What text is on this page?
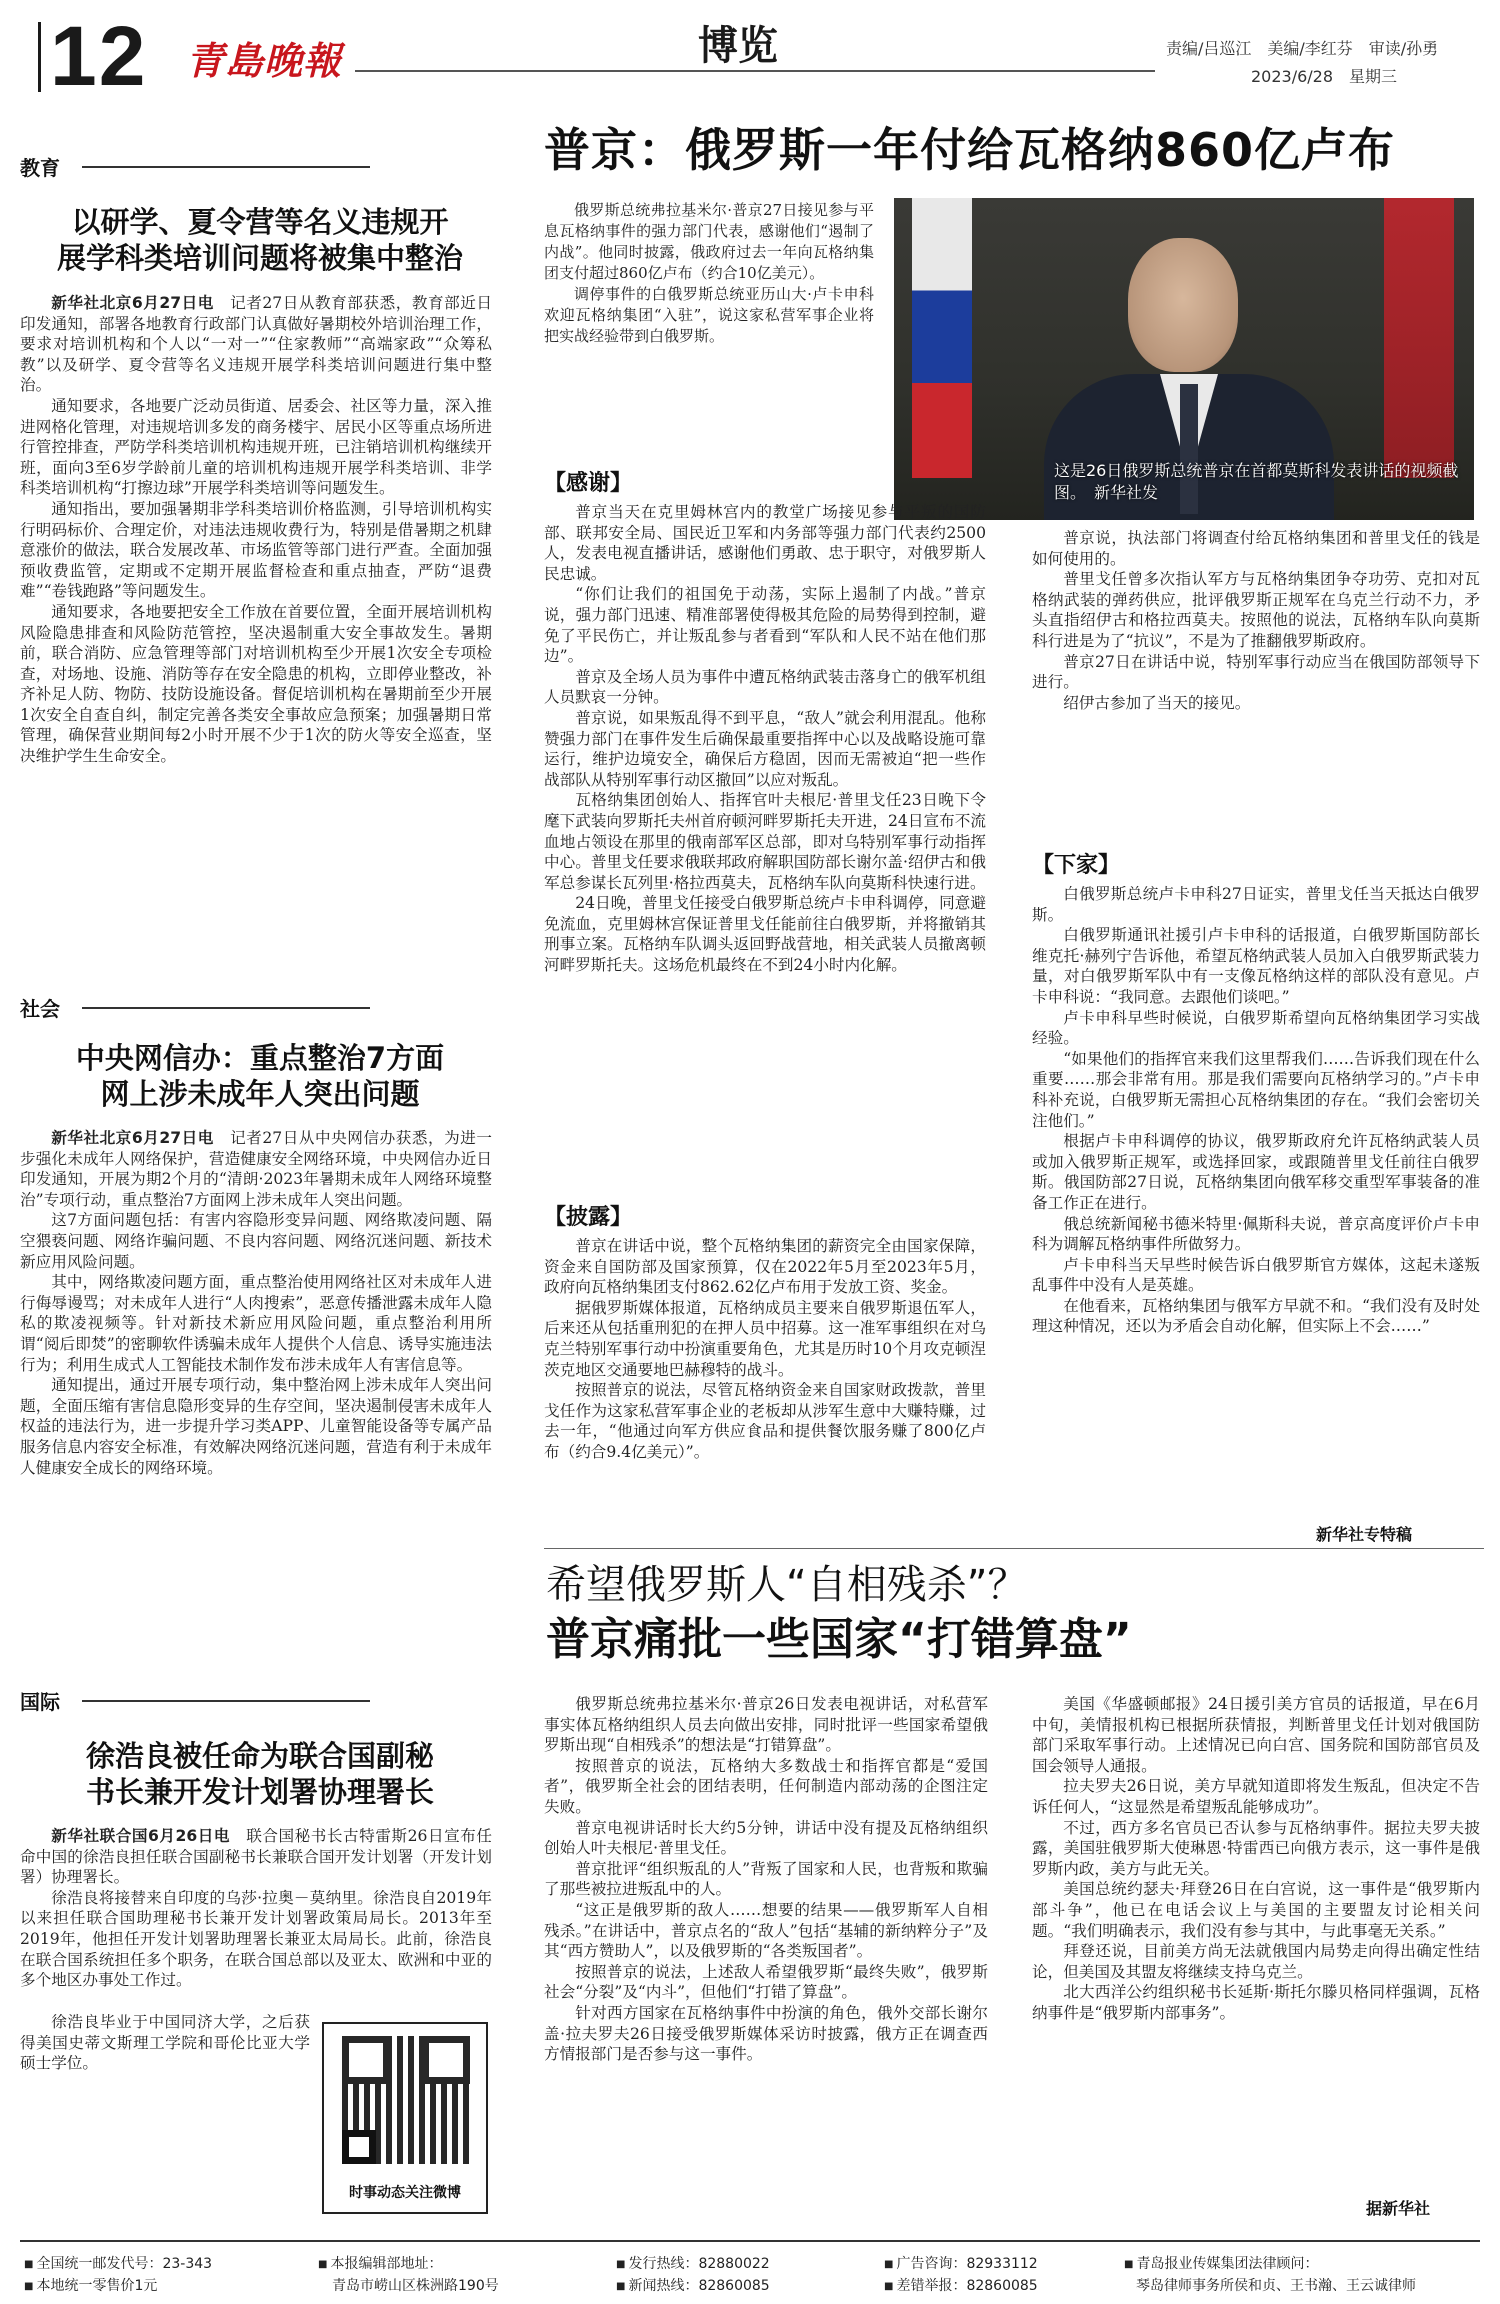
12 青島晚報	博览	责编/吕巡江　美编/李红芬　审读/孙勇
2023/6/28　星期三
教育
以研学、夏令营等名义违规开
展学科类培训问题将被集中整治

新华社北京6月27日电　 记者27日从教育部获悉，教育部近日印发通知，部署各地教育行政部门认真做好暑期校外培训治理工作，要求对培训机构和个人以“一对一”“住家教师”“高端家政”“众筹私教”以及研学、夏令营等名义违规开展学科类培训问题进行集中整治。

通知要求，各地要广泛动员街道、居委会、社区等力量，深入推进网格化管理，对违规培训多发的商务楼宇、居民小区等重点场所进行管控排查，严防学科类培训机构违规开班，已注销培训机构继续开班，面向3至6岁学龄前儿童的培训机构违规开展学科类培训、非学科类培训机构“打擦边球”开展学科类培训等问题发生。

通知指出，要加强暑期非学科类培训价格监测，引导培训机构实行明码标价、合理定价，对违法违规收费行为，特别是借暑期之机肆意涨价的做法，联合发展改革、市场监管等部门进行严查。全面加强预收费监管，定期或不定期开展监督检查和重点抽查，严防“退费难”“卷钱跑路”等问题发生。

通知要求，各地要把安全工作放在首要位置，全面开展培训机构风险隐患排查和风险防范管控，坚决遏制重大安全事故发生。暑期前，联合消防、应急管理等部门对培训机构至少开展1次安全专项检查，对场地、设施、消防等存在安全隐患的机构，立即停业整改，补齐补足人防、物防、技防设施设备。督促培训机构在暑期前至少开展1次安全自查自纠，制定完善各类安全事故应急预案；加强暑期日常管理，确保营业期间每2小时开展不少于1次的防火等安全巡查，坚决维护学生生命安全。

社会
中央网信办：重点整治7方面
网上涉未成年人突出问题

新华社北京6月27日电　 记者27日从中央网信办获悉，为进一步强化未成年人网络保护，营造健康安全网络环境，中央网信办近日印发通知，开展为期2个月的“清朗·2023年暑期未成年人网络环境整治”专项行动，重点整治7方面网上涉未成年人突出问题。

这7方面问题包括：有害内容隐形变异问题、网络欺凌问题、隔空猥亵问题、网络诈骗问题、不良内容问题、网络沉迷问题、新技术新应用风险问题。

其中，网络欺凌问题方面，重点整治使用网络社区对未成年人进行侮辱谩骂；对未成年人进行“人肉搜索”，恶意传播泄露未成年人隐私的欺凌视频等。针对新技术新应用风险问题，重点整治利用所谓“阅后即焚”的密聊软件诱骗未成年人提供个人信息、诱导实施违法行为；利用生成式人工智能技术制作发布涉未成年人有害信息等。

通知提出，通过开展专项行动，集中整治网上涉未成年人突出问题，全面压缩有害信息隐形变异的生存空间，坚决遏制侵害未成年人权益的违法行为，进一步提升学习类APP、儿童智能设备等专属产品服务信息内容安全标准，有效解决网络沉迷问题，营造有利于未成年人健康安全成长的网络环境。

国际
徐浩良被任命为联合国副秘
书长兼开发计划署协理署长

新华社联合国6月26日电　 联合国秘书长古特雷斯26日宣布任命中国的徐浩良担任联合国副秘书长兼联合国开发计划署（开发计划署）协理署长。

徐浩良将接替来自印度的乌莎·拉奥－莫纳里。徐浩良自2019年以来担任联合国助理秘书长兼开发计划署政策局局长。2013年至2019年，他担任开发计划署助理署长兼亚太局局长。此前，徐浩良在联合国系统担任多个职务，在联合国总部以及亚太、欧洲和中亚的多个地区办事处工作过。

徐浩良毕业于中国同济大学，之后获得美国史蒂文斯理工学院和哥伦比亚大学硕士学位。

时事动态关注微博
普京：俄罗斯一年付给瓦格纳860亿卢布

俄罗斯总统弗拉基米尔·普京27日接见参与平息瓦格纳事件的强力部门代表，感谢他们“遏制了内战”。他同时披露，俄政府过去一年向瓦格纳集团支付超过860亿卢布（约合10亿美元）。

调停事件的白俄罗斯总统亚历山大·卢卡申科欢迎瓦格纳集团“入驻”，说这家私营军事企业将把实战经验带到白俄罗斯。

这是26日俄罗斯总统普京在首都莫斯科发表讲话的视频截图。　新华社发
【感谢】

普京当天在克里姆林宫内的教堂广场接见参与平叛的国防部、联邦安全局、国民近卫军和内务部等强力部门代表约2500人，发表电视直播讲话，感谢他们勇敢、忠于职守，对俄罗斯人民忠诚。

“你们让我们的祖国免于动荡，实际上遏制了内战。”普京说，强力部门迅速、精准部署使得极其危险的局势得到控制，避免了平民伤亡，并让叛乱参与者看到“军队和人民不站在他们那边”。

普京及全场人员为事件中遭瓦格纳武装击落身亡的俄军机组人员默哀一分钟。

普京说，如果叛乱得不到平息，“敌人”就会利用混乱。他称赞强力部门在事件发生后确保最重要指挥中心以及战略设施可靠运行，维护边境安全，确保后方稳固，因而无需被迫“把一些作战部队从特别军事行动区撤回”以应对叛乱。

瓦格纳集团创始人、指挥官叶夫根尼·普里戈任23日晚下令麾下武装向罗斯托夫州首府顿河畔罗斯托夫开进，24日宣布不流血地占领设在那里的俄南部军区总部，即对乌特别军事行动指挥中心。普里戈任要求俄联邦政府解职国防部长谢尔盖·绍伊古和俄军总参谋长瓦列里·格拉西莫夫，瓦格纳车队向莫斯科快速行进。

24日晚，普里戈任接受白俄罗斯总统卢卡申科调停，同意避免流血，克里姆林宫保证普里戈任能前往白俄罗斯，并将撤销其刑事立案。瓦格纳车队调头返回野战营地，相关武装人员撤离顿河畔罗斯托夫。这场危机最终在不到24小时内化解。

【披露】

普京在讲话中说，整个瓦格纳集团的薪资完全由国家保障，资金来自国防部及国家预算，仅在2022年5月至2023年5月，政府向瓦格纳集团支付862.62亿卢布用于发放工资、奖金。

据俄罗斯媒体报道，瓦格纳成员主要来自俄罗斯退伍军人，后来还从包括重刑犯的在押人员中招募。这一准军事组织在对乌克兰特别军事行动中扮演重要角色，尤其是历时10个月攻克顿涅茨克地区交通要地巴赫穆特的战斗。

按照普京的说法，尽管瓦格纳资金来自国家财政拨款，普里戈任作为这家私营军事企业的老板却从涉军生意中大赚特赚，过去一年，“他通过向军方供应食品和提供餐饮服务赚了800亿卢布（约合9.4亿美元）”。

普京说，执法部门将调查付给瓦格纳集团和普里戈任的钱是如何使用的。

普里戈任曾多次指认军方与瓦格纳集团争夺功劳、克扣对瓦格纳武装的弹药供应，批评俄罗斯正规军在乌克兰行动不力，矛头直指绍伊古和格拉西莫夫。按照他的说法，瓦格纳车队向莫斯科行进是为了“抗议”，不是为了推翻俄罗斯政府。

普京27日在讲话中说，特别军事行动应当在俄国防部领导下进行。

绍伊古参加了当天的接见。

【下家】

白俄罗斯总统卢卡申科27日证实，普里戈任当天抵达白俄罗斯。

白俄罗斯通讯社援引卢卡申科的话报道，白俄罗斯国防部长维克托·赫列宁告诉他，希望瓦格纳武装人员加入白俄罗斯武装力量，对白俄罗斯军队中有一支像瓦格纳这样的部队没有意见。卢卡申科说：“我同意。去跟他们谈吧。”

卢卡申科早些时候说，白俄罗斯希望向瓦格纳集团学习实战经验。

“如果他们的指挥官来我们这里帮我们……告诉我们现在什么重要……那会非常有用。那是我们需要向瓦格纳学习的。”卢卡申科补充说，白俄罗斯无需担心瓦格纳集团的存在。“我们会密切关注他们。”

根据卢卡申科调停的协议，俄罗斯政府允许瓦格纳武装人员或加入俄罗斯正规军，或选择回家，或跟随普里戈任前往白俄罗斯。俄国防部27日说，瓦格纳集团向俄军移交重型军事装备的准备工作正在进行。

俄总统新闻秘书德米特里·佩斯科夫说，普京高度评价卢卡申科为调解瓦格纳事件所做努力。

卢卡申科当天早些时候告诉白俄罗斯官方媒体，这起未遂叛乱事件中没有人是英雄。

在他看来，瓦格纳集团与俄军方早就不和。“我们没有及时处理这种情况，还以为矛盾会自动化解，但实际上不会……”

新华社专特稿
希望俄罗斯人“自相残杀”？
普京痛批一些国家“打错算盘”

俄罗斯总统弗拉基米尔·普京26日发表电视讲话，对私营军事实体瓦格纳组织人员去向做出安排，同时批评一些国家希望俄罗斯出现“自相残杀”的想法是“打错算盘”。

按照普京的说法，瓦格纳大多数战士和指挥官都是“爱国者”，俄罗斯全社会的团结表明，任何制造内部动荡的企图注定失败。

普京电视讲话时长大约5分钟，讲话中没有提及瓦格纳组织创始人叶夫根尼·普里戈任。

普京批评“组织叛乱的人”背叛了国家和人民，也背叛和欺骗了那些被拉进叛乱中的人。

“这正是俄罗斯的敌人……想要的结果——俄罗斯军人自相残杀。”在讲话中，普京点名的“敌人”包括“基辅的新纳粹分子”及其“西方赞助人”，以及俄罗斯的“各类叛国者”。

按照普京的说法，上述敌人希望俄罗斯“最终失败”，俄罗斯社会“分裂”及“内斗”，但他们“打错了算盘”。

针对西方国家在瓦格纳事件中扮演的角色，俄外交部长谢尔盖·拉夫罗夫26日接受俄罗斯媒体采访时披露，俄方正在调查西方情报部门是否参与这一事件。

美国《华盛顿邮报》24日援引美方官员的话报道，早在6月中旬，美情报机构已根据所获情报，判断普里戈任计划对俄国防部门采取军事行动。上述情况已向白宫、国务院和国防部官员及国会领导人通报。

拉夫罗夫26日说，美方早就知道即将发生叛乱，但决定不告诉任何人，“这显然是希望叛乱能够成功”。

不过，西方多名官员已否认参与瓦格纳事件。据拉夫罗夫披露，美国驻俄罗斯大使琳恩·特雷西已向俄方表示，这一事件是俄罗斯内政，美方与此无关。

美国总统约瑟夫·拜登26日在白宫说，这一事件是“俄罗斯内部斗争”，他已在电话会议上与美国的主要盟友讨论相关问题。“我们明确表示，我们没有参与其中，与此事毫无关系。”

拜登还说，目前美方尚无法就俄国内局势走向得出确定性结论，但美国及其盟友将继续支持乌克兰。

北大西洋公约组织秘书长延斯·斯托尔滕贝格同样强调，瓦格纳事件是“俄罗斯内部事务”。

据新华社
■ 全国统一邮发代号：23-343
■ 本地统一零售价1元
■ 本报编辑部地址：
青岛市崂山区株洲路190号
■ 发行热线：82880022
■ 新闻热线：82860085
■ 广告咨询：82933112
■ 差错举报：82860085
■ 青岛报业传媒集团法律顾问：
琴岛律师事务所侯和贞、王书瀚、王云诚律师
